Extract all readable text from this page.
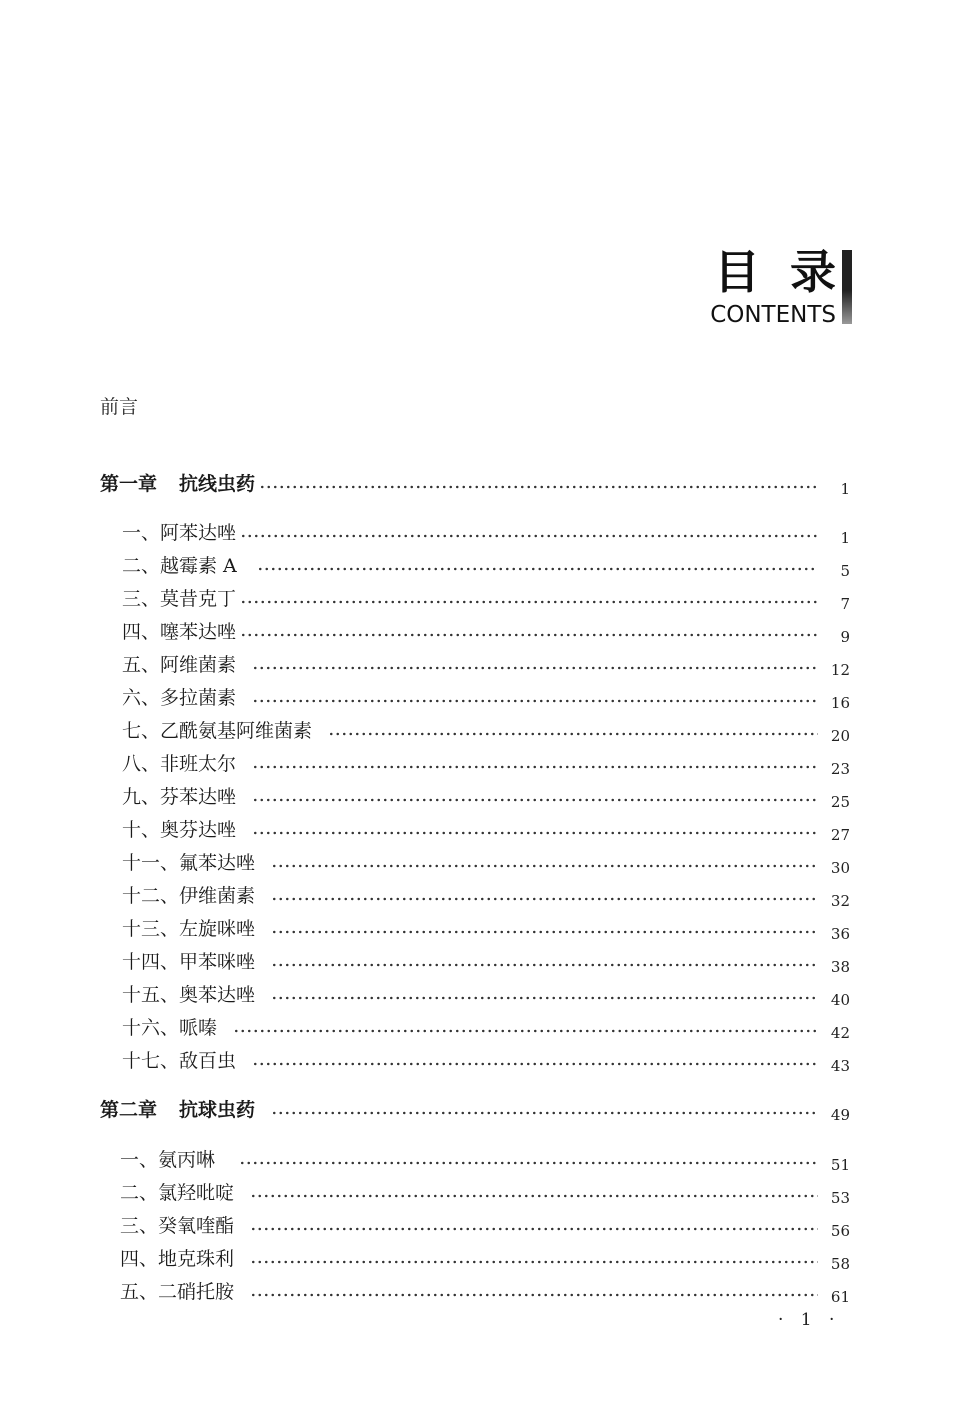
目录
CONTENTS
前言
第一章 抗线虫药	1
一、阿苯达唑	1
二、越霉素 A	5
三、莫昔克丁	7
四、噻苯达唑	9
五、阿维菌素	12
六、多拉菌素	16
七、乙酰氨基阿维菌素	20
八、非班太尔	23
九、芬苯达唑	25
十、奥芬达唑	27
十一、氟苯达唑	30
十二、伊维菌素	32
十三、左旋咪唑	36
十四、甲苯咪唑	38
十五、奥苯达唑	40
十六、哌嗪	42
十七、敌百虫	43
第二章 抗球虫药	49
一、氨丙啉	51
二、氯羟吡啶	53
三、癸氧喹酯	56
四、地克珠利	58
五、二硝托胺	61
· 1 ·
